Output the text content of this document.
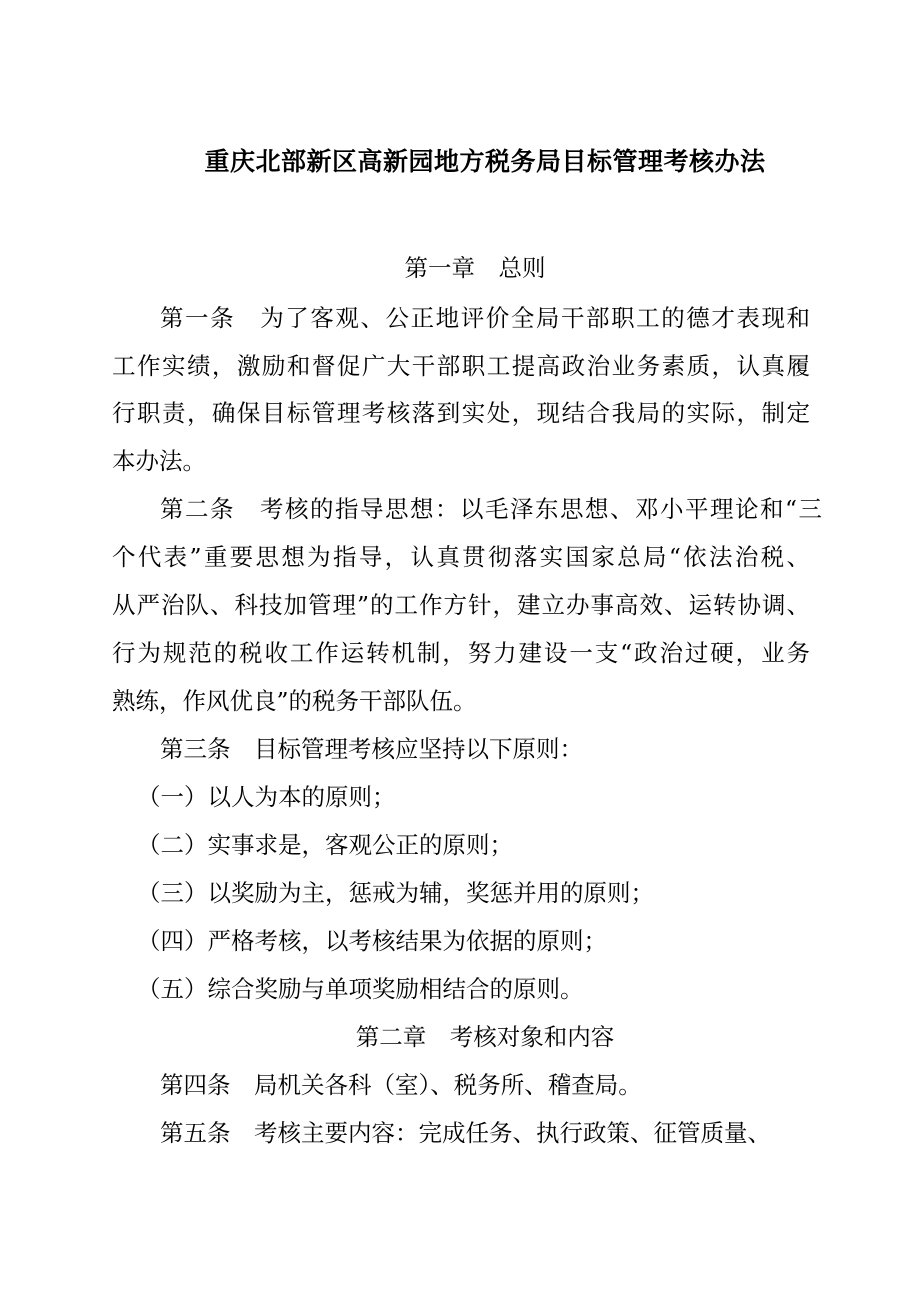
重庆北部新区高新园地方税务局目标管理考核办法
第一章　总则
第一条　为了客观、公正地评价全局干部职工的德才表现和
工作实绩，激励和督促广大干部职工提高政治业务素质，认真履
行职责，确保目标管理考核落到实处，现结合我局的实际，制定
本办法。
第二条　考核的指导思想：以毛泽东思想、邓小平理论和“三
个代表”重要思想为指导，认真贯彻落实国家总局“依法治税、
从严治队、科技加管理”的工作方针，建立办事高效、运转协调、
行为规范的税收工作运转机制，努力建设一支“政治过硬，业务
熟练，作风优良”的税务干部队伍。
第三条　目标管理考核应坚持以下原则：
（一）以人为本的原则；
（二）实事求是，客观公正的原则；
（三）以奖励为主，惩戒为辅，奖惩并用的原则；
（四）严格考核，以考核结果为依据的原则；
（五）综合奖励与单项奖励相结合的原则。
第二章　考核对象和内容
第四条　局机关各科（室）、税务所、稽查局。
第五条　考核主要内容：完成任务、执行政策、征管质量、
